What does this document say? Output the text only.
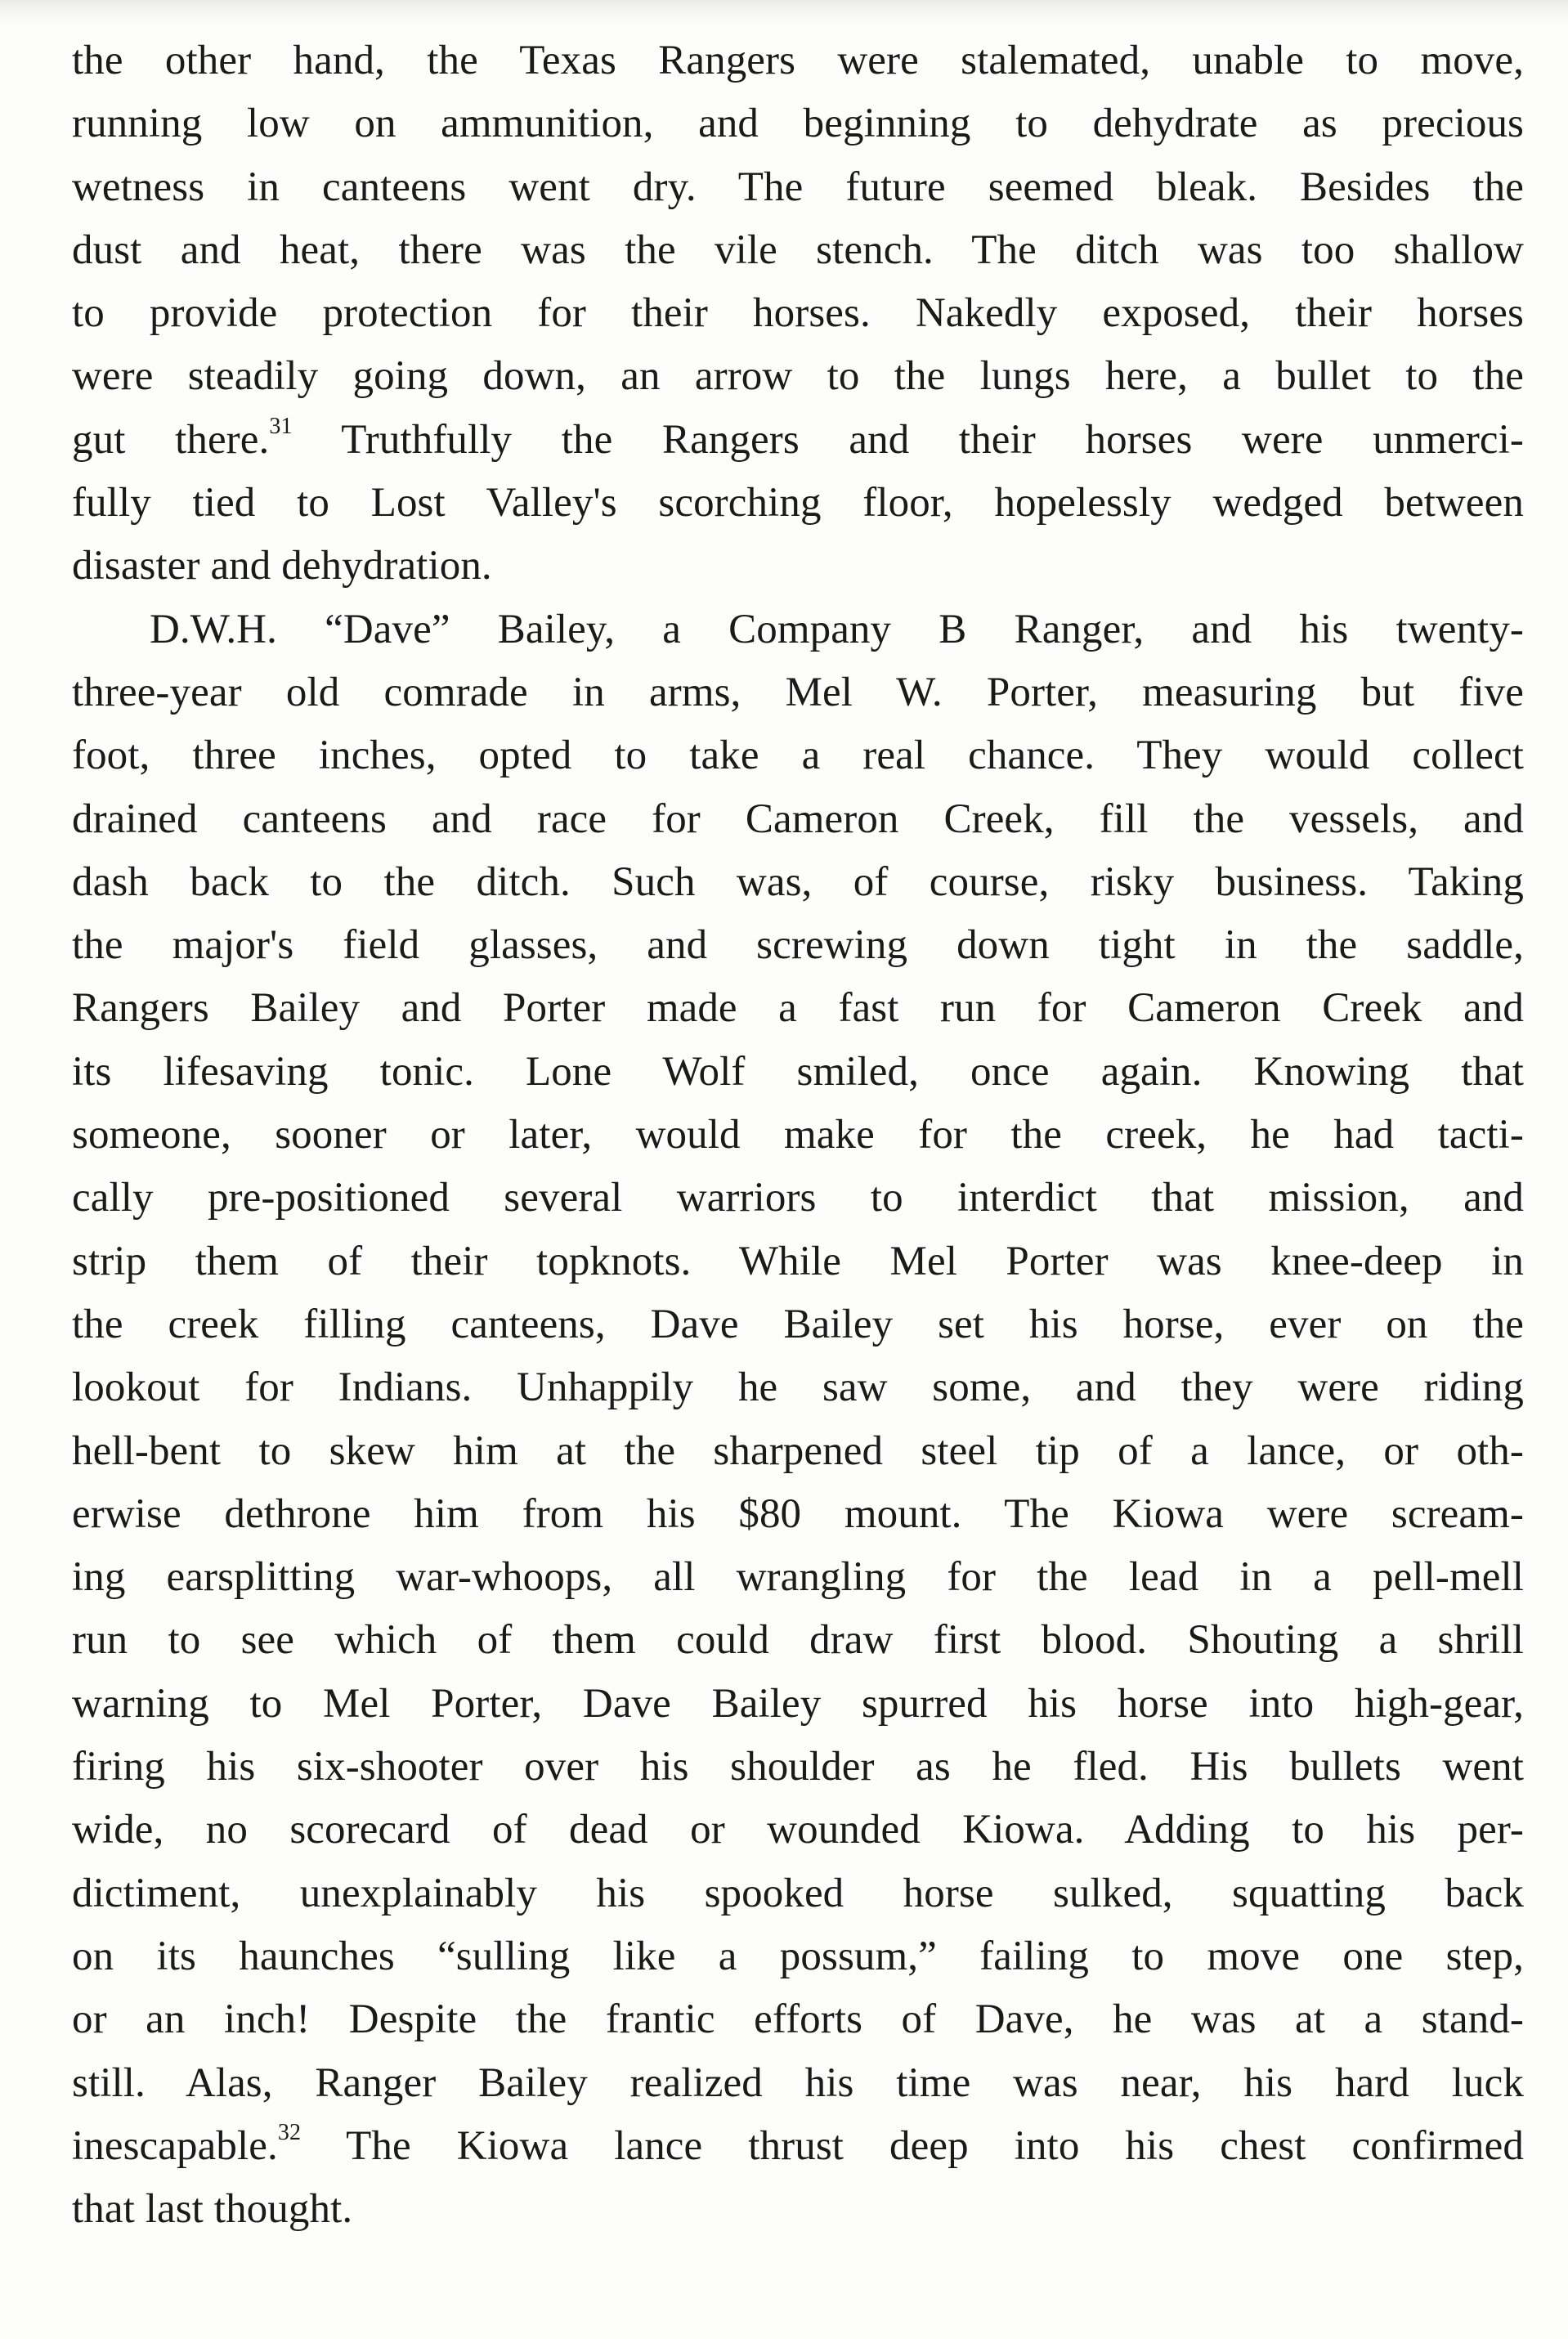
the other hand, the Texas Rangers were stalemated, unable to move,
running low on ammunition, and beginning to dehydrate as precious
wetness in canteens went dry. The future seemed bleak. Besides the
dust and heat, there was the vile stench. The ditch was too shallow
to provide protection for their horses. Nakedly exposed, their horses
were steadily going down, an arrow to the lungs here, a bullet to the
gut there.$^{31}$ Truthfully the Rangers and their horses were unmerci-
fully tied to Lost Valley's scorching floor, hopelessly wedged between
disaster and dehydration.
D.W.H. “Dave” Bailey, a Company B Ranger, and his twenty-
three-year old comrade in arms, Mel W. Porter, measuring but five
foot, three inches, opted to take a real chance. They would collect
drained canteens and race for Cameron Creek, fill the vessels, and
dash back to the ditch. Such was, of course, risky business. Taking
the major's field glasses, and screwing down tight in the saddle,
Rangers Bailey and Porter made a fast run for Cameron Creek and
its lifesaving tonic. Lone Wolf smiled, once again. Knowing that
someone, sooner or later, would make for the creek, he had tacti-
cally pre-positioned several warriors to interdict that mission, and
strip them of their topknots. While Mel Porter was knee-deep in
the creek filling canteens, Dave Bailey set his horse, ever on the
lookout for Indians. Unhappily he saw some, and they were riding
hell-bent to skew him at the sharpened steel tip of a lance, or oth-
erwise dethrone him from his $80 mount. The Kiowa were scream-
ing earsplitting war-whoops, all wrangling for the lead in a pell-mell
run to see which of them could draw first blood. Shouting a shrill
warning to Mel Porter, Dave Bailey spurred his horse into high-gear,
firing his six-shooter over his shoulder as he fled. His bullets went
wide, no scorecard of dead or wounded Kiowa. Adding to his per-
dictiment, unexplainably his spooked horse sulked, squatting back
on its haunches “sulling like a possum,” failing to move one step,
or an inch! Despite the frantic efforts of Dave, he was at a stand-
still. Alas, Ranger Bailey realized his time was near, his hard luck
inescapable.$^{32}$ The Kiowa lance thrust deep into his chest confirmed
that last thought.
